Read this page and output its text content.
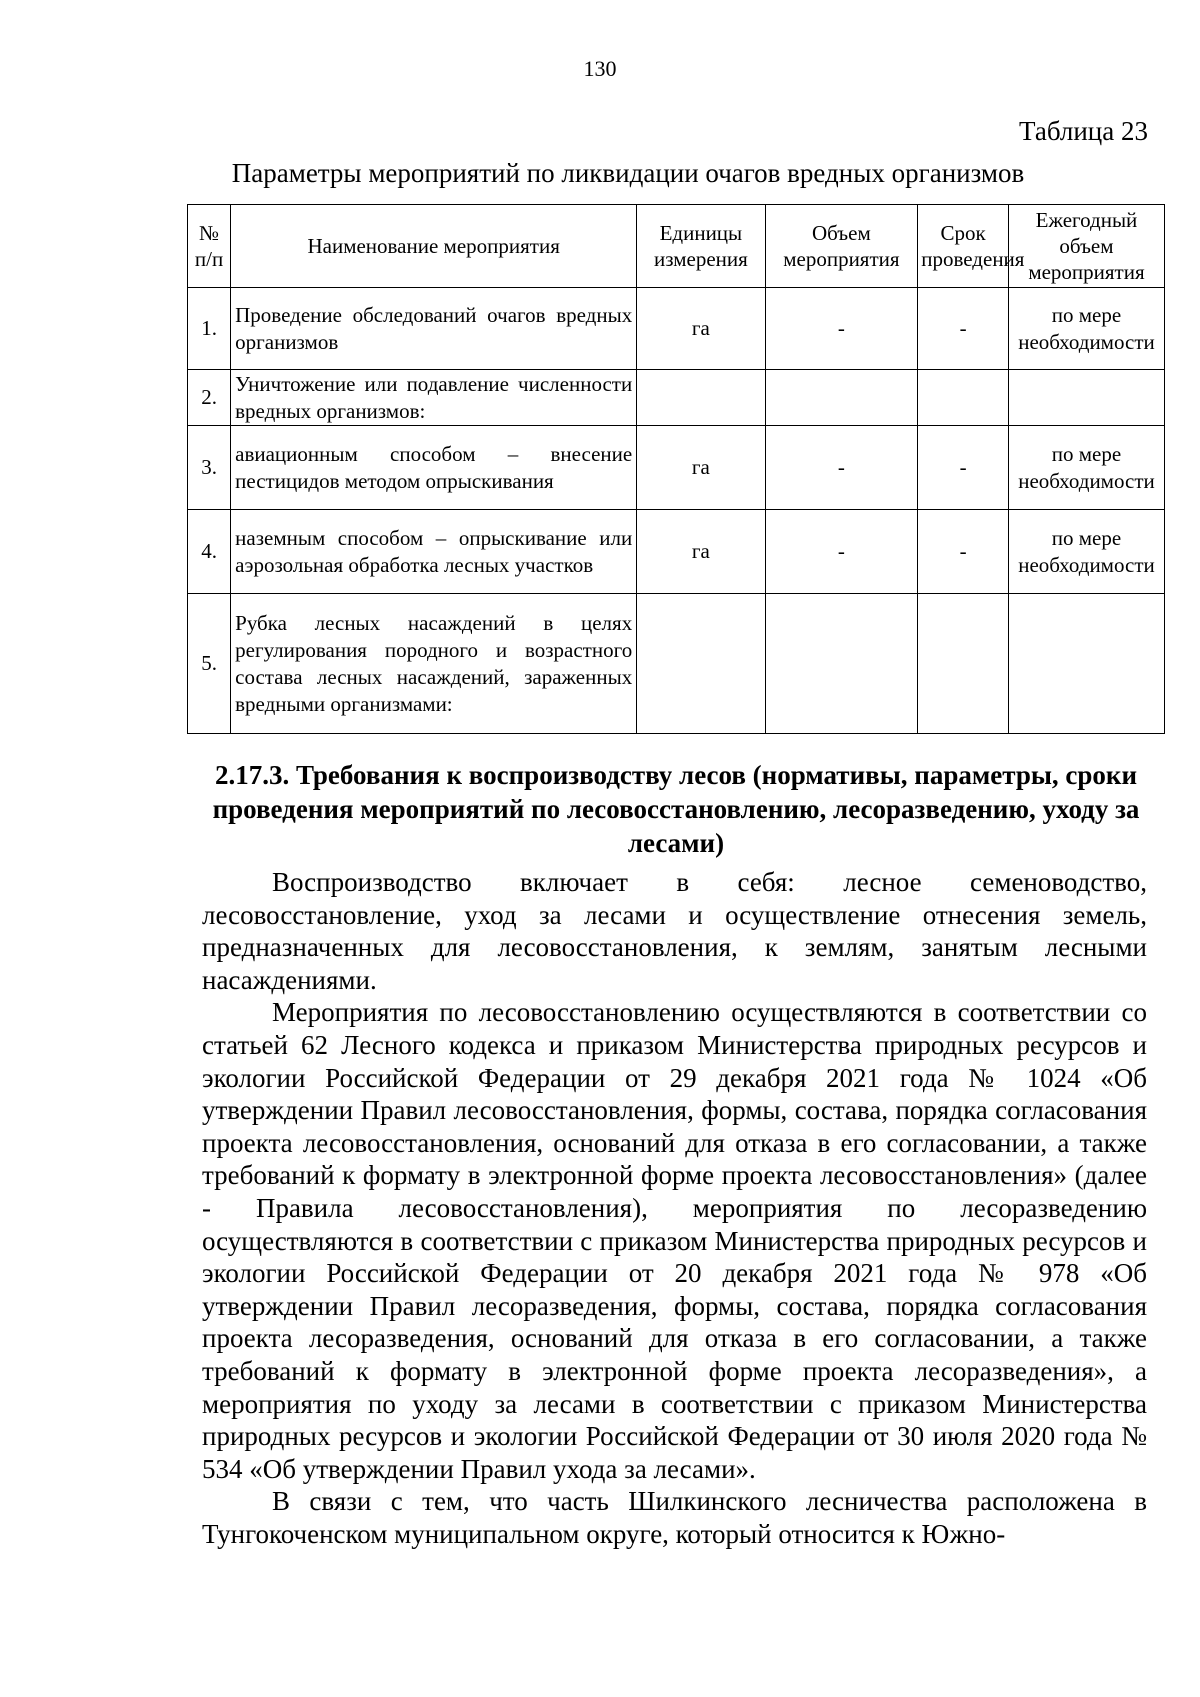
130
Таблица 23
Параметры мероприятий по ликвидации очагов вредных организмов
№ п/п	Наименование мероприятия	Единицы измерения	Объем мероприятия	Срок проведения	Ежегодный объем мероприятия
1.	Проведение обследований очагов вредных организмов	га	-	-	по мере необходимости
2.	Уничтожение или подавление численности вредных организмов:				
3.	авиационным способом – внесение пестицидов методом опрыскивания	га	-	-	по мере необходимости
4.	наземным способом – опрыскивание или аэрозольная обработка лесных участков	га	-	-	по мере необходимости
5.	Рубка лесных насаждений в целях регулирования породного и возрастного состава лесных насаждений, зараженных вредными организмами:				
2.17.3. Требования к воспроизводству лесов (нормативы, параметры, сроки проведения мероприятий по лесовосстановлению, лесоразведению, уходу за лесами)

Воспроизводство включает в себя: лесное семеноводство, лесовосстановление, уход за лесами и осуществление отнесения земель, предназначенных для лесовосстановления, к землям, занятым лесными насаждениями.

Мероприятия по лесовосстановлению осуществляются в соответствии со статьей 62 Лесного кодекса и приказом Министерства природных ресурсов и экологии Российской Федерации от 29 декабря 2021 года № 1024 «Об утверждении Правил лесовосстановления, формы, состава, порядка согласования проекта лесовосстановления, оснований для отказа в его согласовании, а также требований к формату в электронной форме проекта лесовосстановления» (далее - Правила лесовосстановления), мероприятия по лесоразведению осуществляются в соответствии с приказом Министерства природных ресурсов и экологии Российской Федерации от 20 декабря 2021 года № 978 «Об утверждении Правил лесоразведения, формы, состава, порядка согласования проекта лесоразведения, оснований для отказа в его согласовании, а также требований к формату в электронной форме проекта лесоразведения», а мероприятия по уходу за лесами в соответствии с приказом Министерства природных ресурсов и экологии Российской Федерации от 30 июля 2020 года № 534 «Об утверждении Правил ухода за лесами».

В связи с тем, что часть Шилкинского лесничества расположена в Тунгокоченском муниципальном округе, который относится к Южно-
